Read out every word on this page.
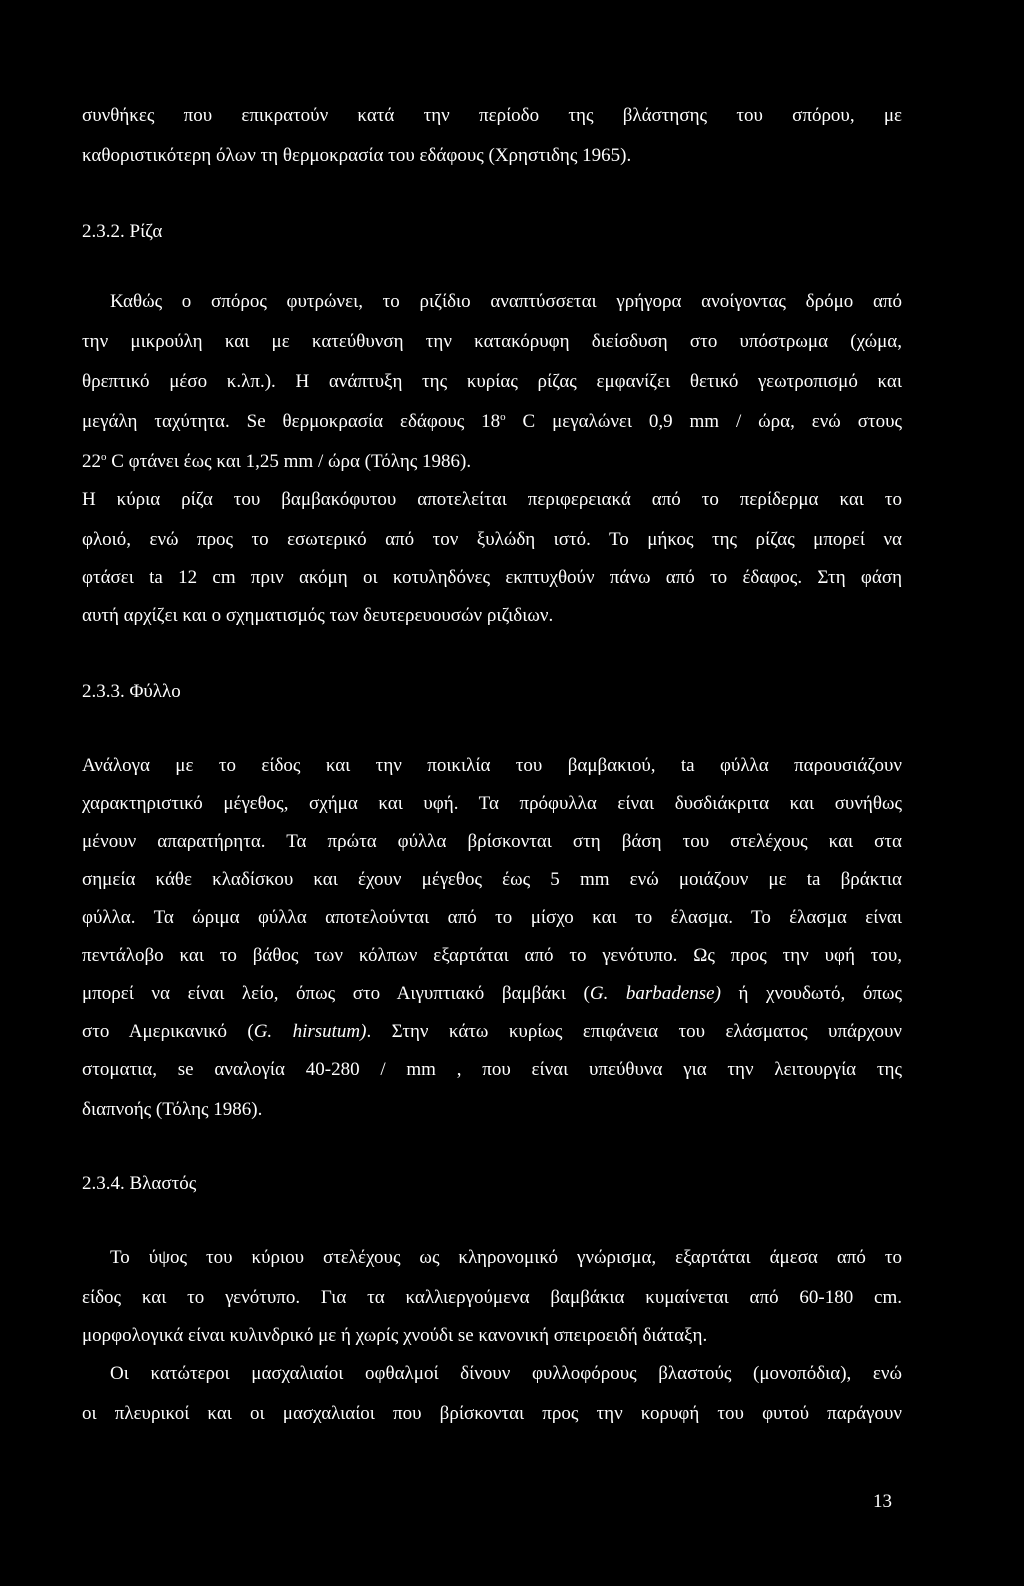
συνθήκες που επικρατούν κατά την περίοδο της βλάστησης του σπόρου, με
καθοριστικότερη όλων τη θερμοκρασία του εδάφους (Χρηστιδης 1965).
2.3.2. Ρίζα
Καθώς ο σπόρος φυτρώνει, το ριζίδιο αναπτύσσεται γρήγορα ανοίγοντας δρόμο από
την μικρούλη και με κατεύθυνση την κατακόρυφη διείσδυση στο υπόστρωμα (χώμα,
θρεπτικό μέσο κ.λπ.). Η ανάπτυξη της κυρίας ρίζας εμφανίζει θετικό γεωτροπισμό και
μεγάλη ταχύτητα. Se θερμοκρασία εδάφους 18$^o$ C μεγαλώνει 0,9 mm / ώρα, ενώ στους
22$^o$ C φτάνει έως και 1,25 mm / ώρα (Τόλης 1986).
Η κύρια ρίζα του βαμβακόφυτου αποτελείται περιφερειακά από το περίδερμα και το
φλοιό, ενώ προς το εσωτερικό από τον ξυλώδη ιστό. Το μήκος της ρίζας μπορεί να
φτάσει ta 12 cm πριν ακόμη οι κοτυληδόνες εκπτυχθούν πάνω από το έδαφος. Στη φάση
αυτή αρχίζει και ο σχηματισμός των δευτερευουσών ριζιδιων.
2.3.3. Φύλλο
Ανάλογα με το είδος και την ποικιλία του βαμβακιού, ta φύλλα παρουσιάζουν
χαρακτηριστικό μέγεθος, σχήμα και υφή. Τα πρόφυλλα είναι δυσδιάκριτα και συνήθως
μένουν απαρατήρητα. Τα πρώτα φύλλα βρίσκονται στη βάση του στελέχους και στα
σημεία κάθε κλαδίσκου και έχουν μέγεθος έως 5 mm ενώ μοιάζουν με ta βράκτια
φύλλα. Τα ώριμα φύλλα αποτελούνται από το μίσχο και το έλασμα. Το έλασμα είναι
πεντάλοβο και το βάθος των κόλπων εξαρτάται από το γενότυπο. Ως προς την υφή του,
μπορεί να είναι λείο, όπως στο Αιγυπτιακό βαμβάκι (G. barbadense) ή χνουδωτό, όπως
στο Αμερικανικό (G. hirsutum). Στην κάτω κυρίως επιφάνεια του ελάσματος υπάρχουν
στοματια, se αναλογία 40-280 / mm , που είναι υπεύθυνα για την λειτουργία της
διαπνοής (Τόλης 1986).
2.3.4. Βλαστός
Το ύψος του κύριου στελέχους ως κληρονομικό γνώρισμα, εξαρτάται άμεσα από το
είδος και το γενότυπο. Για τα καλλιεργούμενα βαμβάκια κυμαίνεται από 60-180 cm.
μορφολογικά είναι κυλινδρικό με ή χωρίς χνούδι se κανονική σπειροειδή διάταξη.
Οι κατώτεροι μασχαλιαίοι οφθαλμοί δίνουν φυλλοφόρους βλαστούς (μονοπόδια), ενώ
οι πλευρικοί και οι μασχαλιαίοι που βρίσκονται προς την κορυφή του φυτού παράγουν
13
